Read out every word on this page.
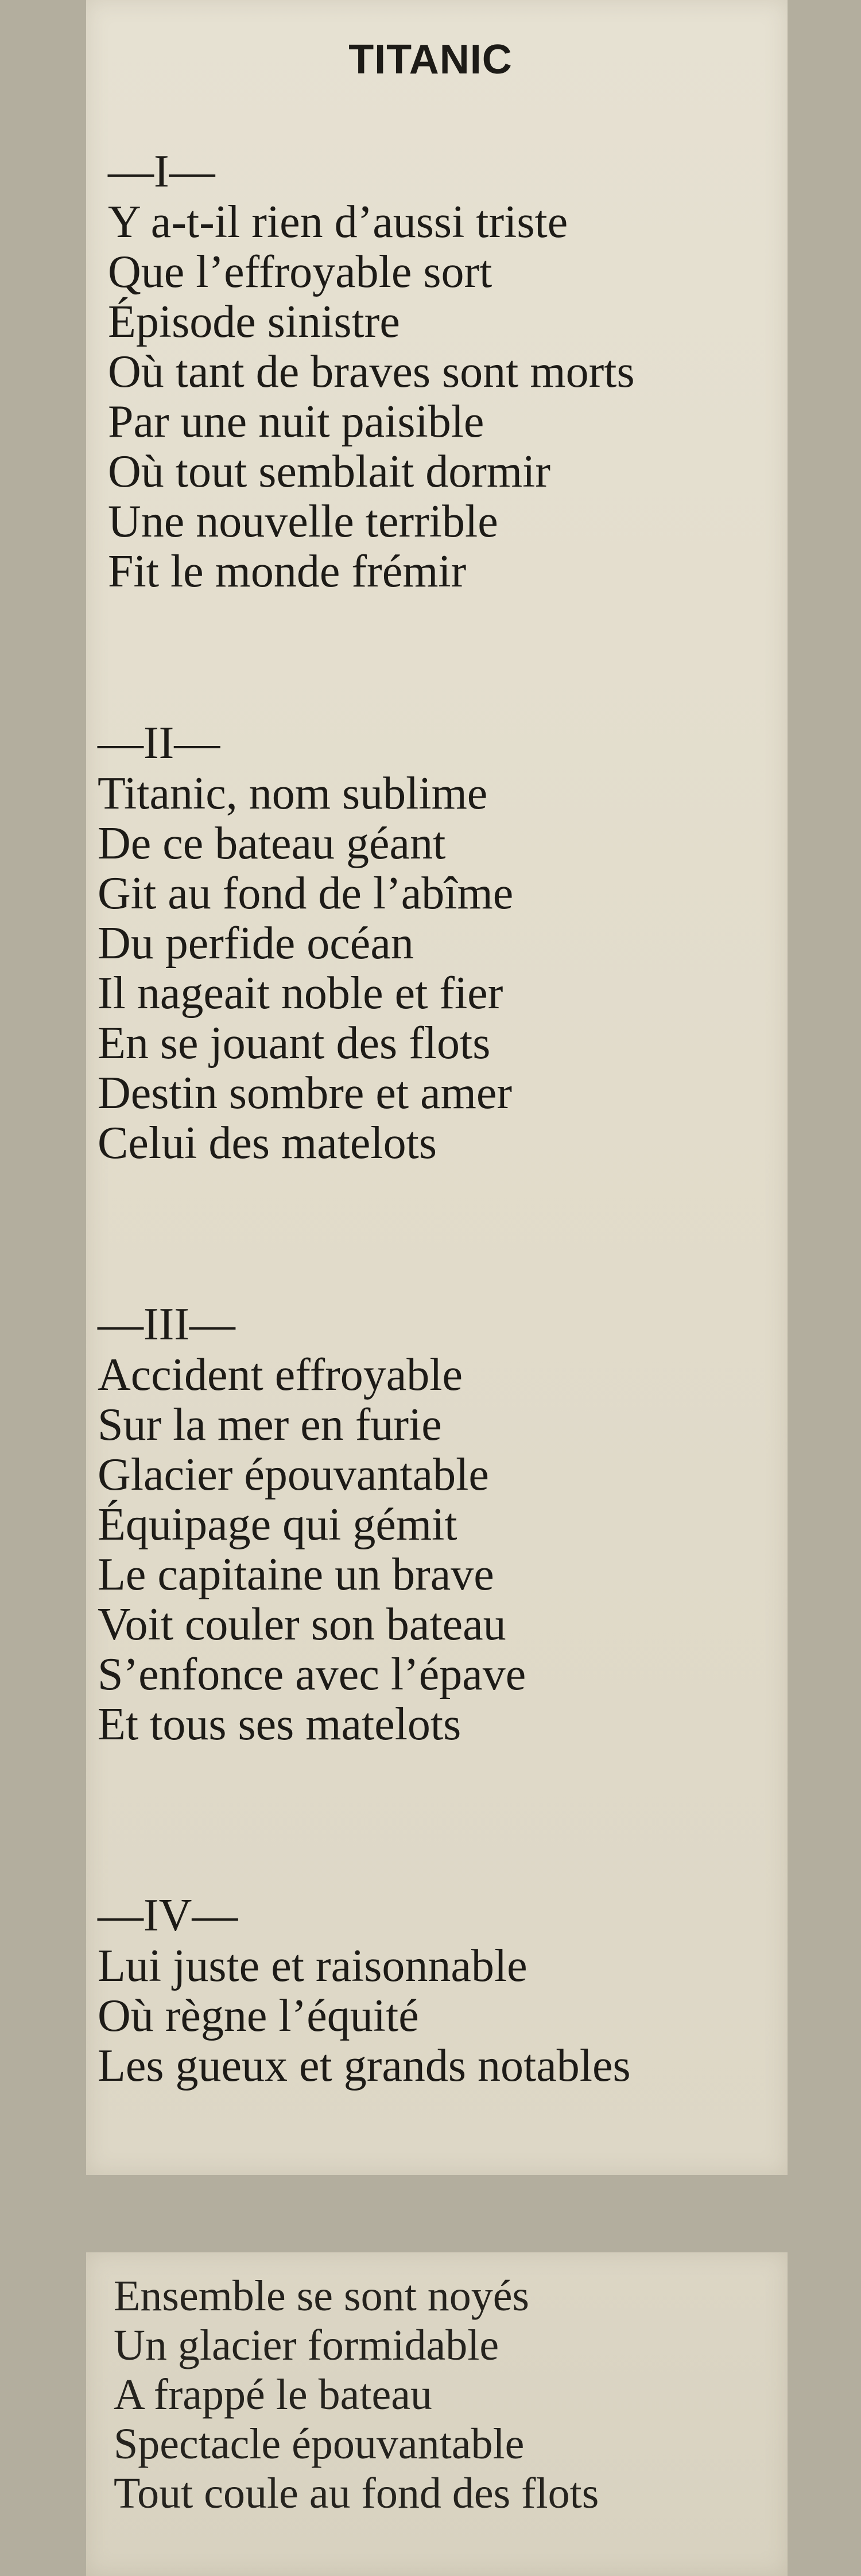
TITANIC
—I—
Y a-t-il rien d’aussi triste
Que l’effroyable sort
Épisode sinistre
Où tant de braves sont morts
Par une nuit paisible
Où tout semblait dormir
Une nouvelle terrible
Fit le monde frémir
—II—
Titanic, nom sublime
De ce bateau géant
Git au fond de l’abîme
Du perfide océan
Il nageait noble et fier
En se jouant des flots
Destin sombre et amer
Celui des matelots
—III—
Accident effroyable
Sur la mer en furie
Glacier épouvantable
Équipage qui gémit
Le capitaine un brave
Voit couler son bateau
S’enfonce avec l’épave
Et tous ses matelots
—IV—
Lui juste et raisonnable
Où règne l’équité
Les gueux et grands notables
Ensemble se sont noyés
Un glacier formidable
A frappé le bateau
Spectacle épouvantable
Tout coule au fond des flots
